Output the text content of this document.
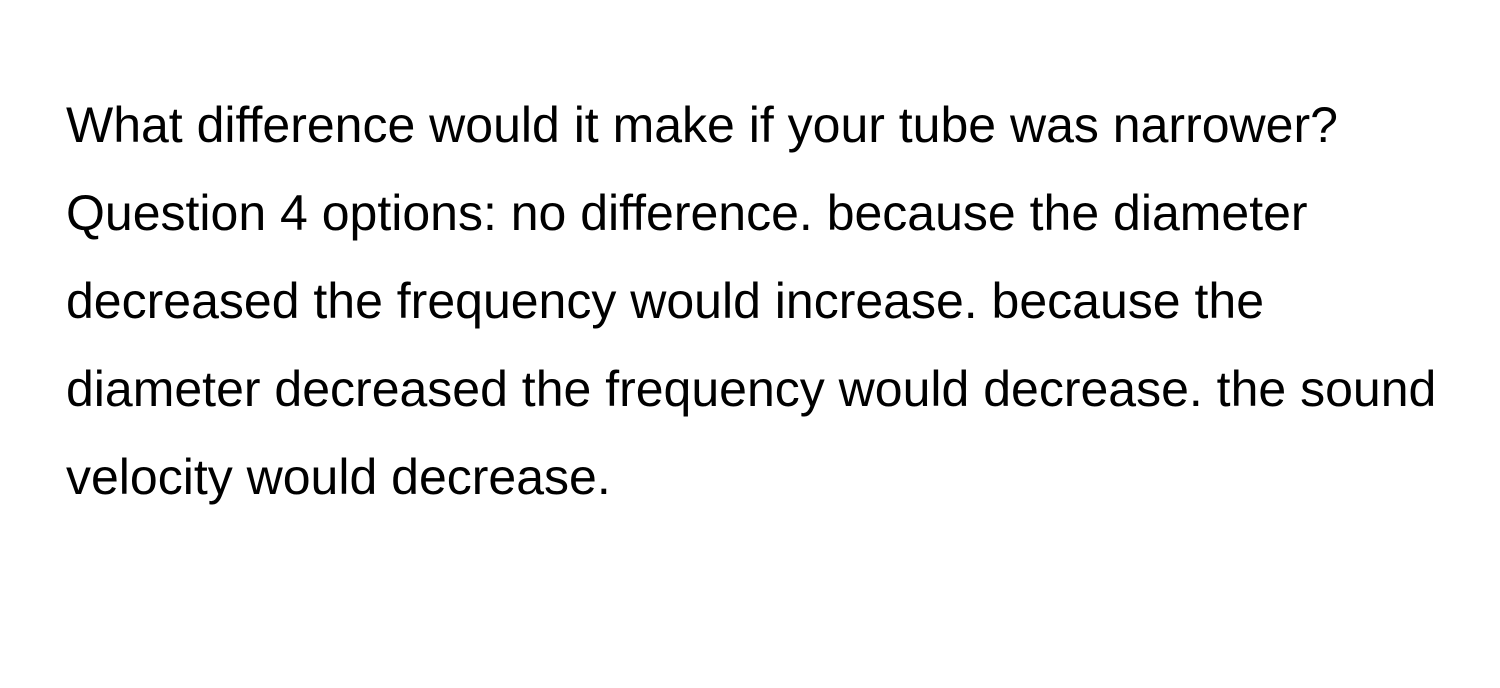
What difference would it make if your tube was narrower?

Question 4 options: no difference. because the diameter decreased the frequency would increase. because the diameter decreased the frequency would decrease. the sound velocity would decrease.
